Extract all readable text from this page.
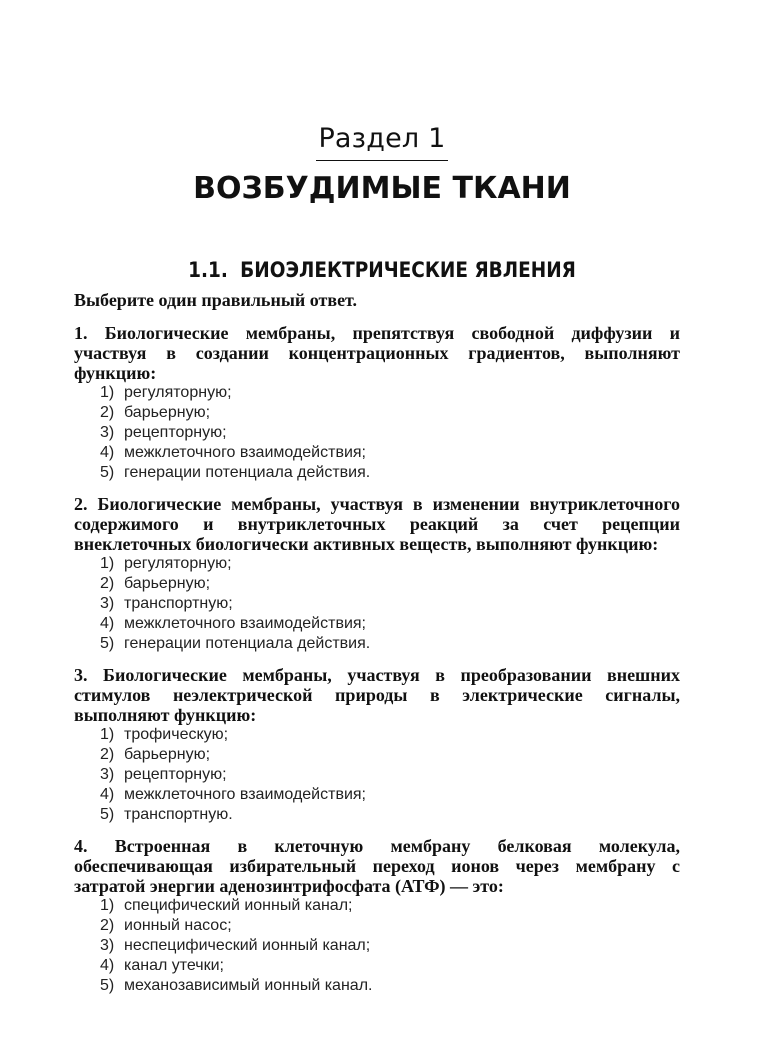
Раздел 1
ВОЗБУДИМЫЕ ТКАНИ
1.1. БИОЭЛЕКТРИЧЕСКИЕ ЯВЛЕНИЯ

Выберите один правильный ответ.

1. Биологические мембраны, препятствуя свободной диффузии и участвуя в создании концентрационных градиентов, выполняют функцию:

1) регуляторную;
2) барьерную;
3) рецепторную;
4) межклеточного взаимодействия;
5) генерации потенциала действия.

2. Биологические мембраны, участвуя в изменении внутриклеточного содержимого и внутриклеточных реакций за счет рецепции внеклеточных биологически активных веществ, выполняют функцию:

1) регуляторную;
2) барьерную;
3) транспортную;
4) межклеточного взаимодействия;
5) генерации потенциала действия.

3. Биологические мембраны, участвуя в преобразовании внешних стимулов неэлектрической природы в электрические сигналы, выполняют функцию:

1) трофическую;
2) барьерную;
3) рецепторную;
4) межклеточного взаимодействия;
5) транспортную.

4. Встроенная в клеточную мембрану белковая молекула, обеспечивающая избирательный переход ионов через мембрану с затратой энергии аденозинтрифосфата (АТФ) — это:

1) специфический ионный канал;
2) ионный насос;
3) неспецифический ионный канал;
4) канал утечки;
5) механозависимый ионный канал.
